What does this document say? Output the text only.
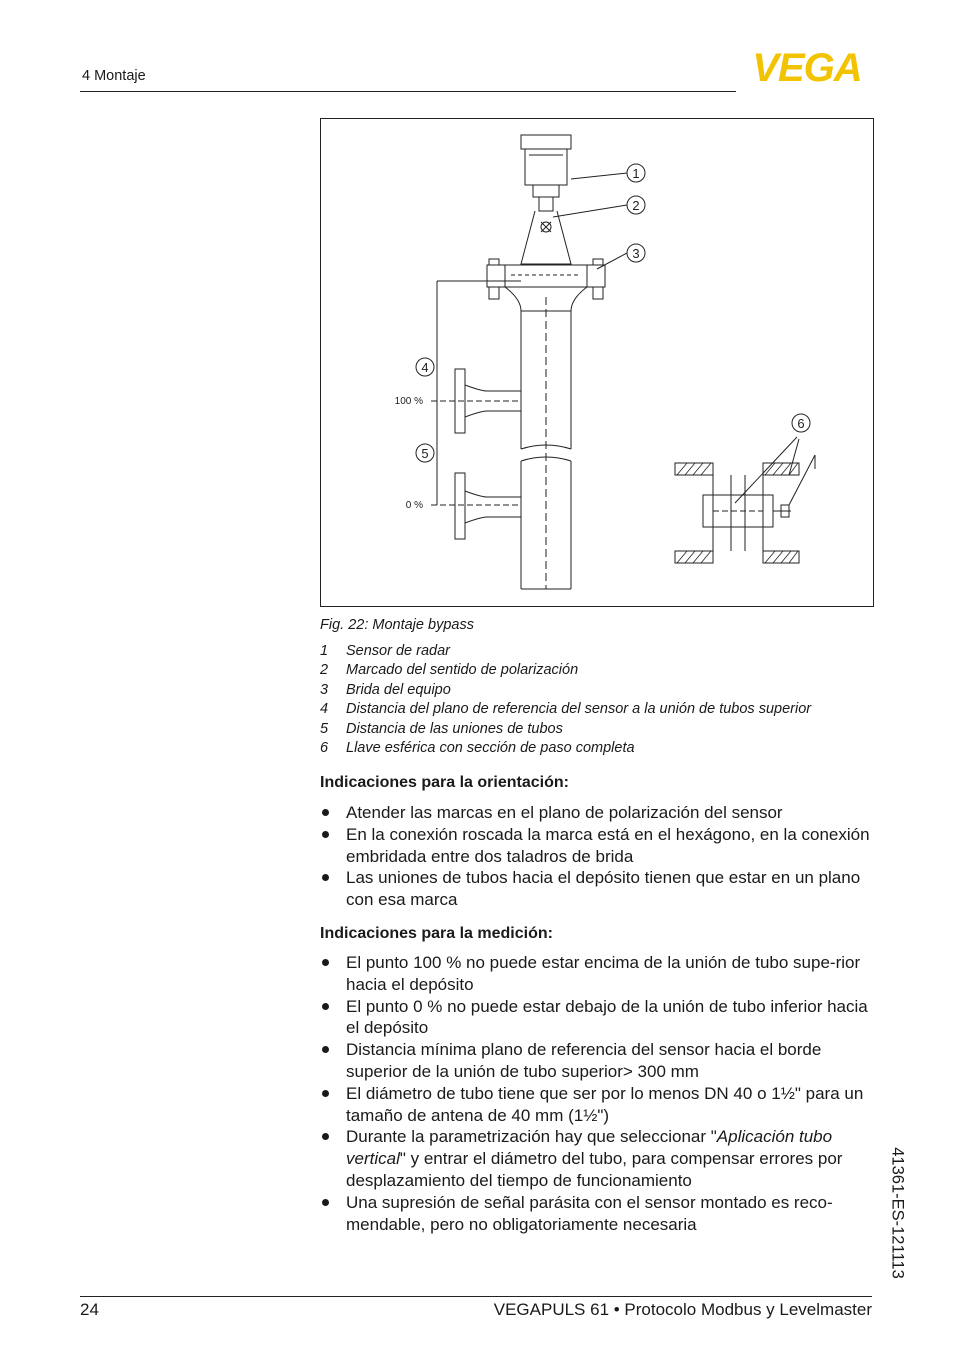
4 Montaje	VEGA
1
2
3
4
5
6
100 %
0 %
Fig. 22: Montaje bypass
1	Sensor de radar
2	Marcado del sentido de polarización
3	Brida del equipo
4	Distancia del plano de referencia del sensor a la unión de tubos superior
5	Distancia de las uniones de tubos
6	Llave esférica con sección de paso completa
Indicaciones para la orientación:
Atender las marcas en el plano de polarización del sensor
En la conexión roscada la marca está en el hexágono, en la conexión embridada entre dos taladros de brida
Las uniones de tubos hacia el depósito tienen que estar en un plano con esa marca
Indicaciones para la medición:
El punto 100 % no puede estar encima de la unión de tubo supe-rior hacia el depósito
El punto 0 % no puede estar debajo de la unión de tubo inferior hacia el depósito
Distancia mínima plano de referencia del sensor hacia el borde superior de la unión de tubo superior> 300 mm
El diámetro de tubo tiene que ser por lo menos DN 40 o 1½" para un tamaño de antena de 40 mm (1½")
Durante la parametrización hay que seleccionar "Aplicación tubo vertical" y entrar el diámetro del tubo, para compensar errores por desplazamiento del tiempo de funcionamiento
Una supresión de señal parásita con el sensor montado es reco-mendable, pero no obligatoriamente necesaria	41361-ES-121113
24	VEGAPULS 61 • Protocolo Modbus y Levelmaster
